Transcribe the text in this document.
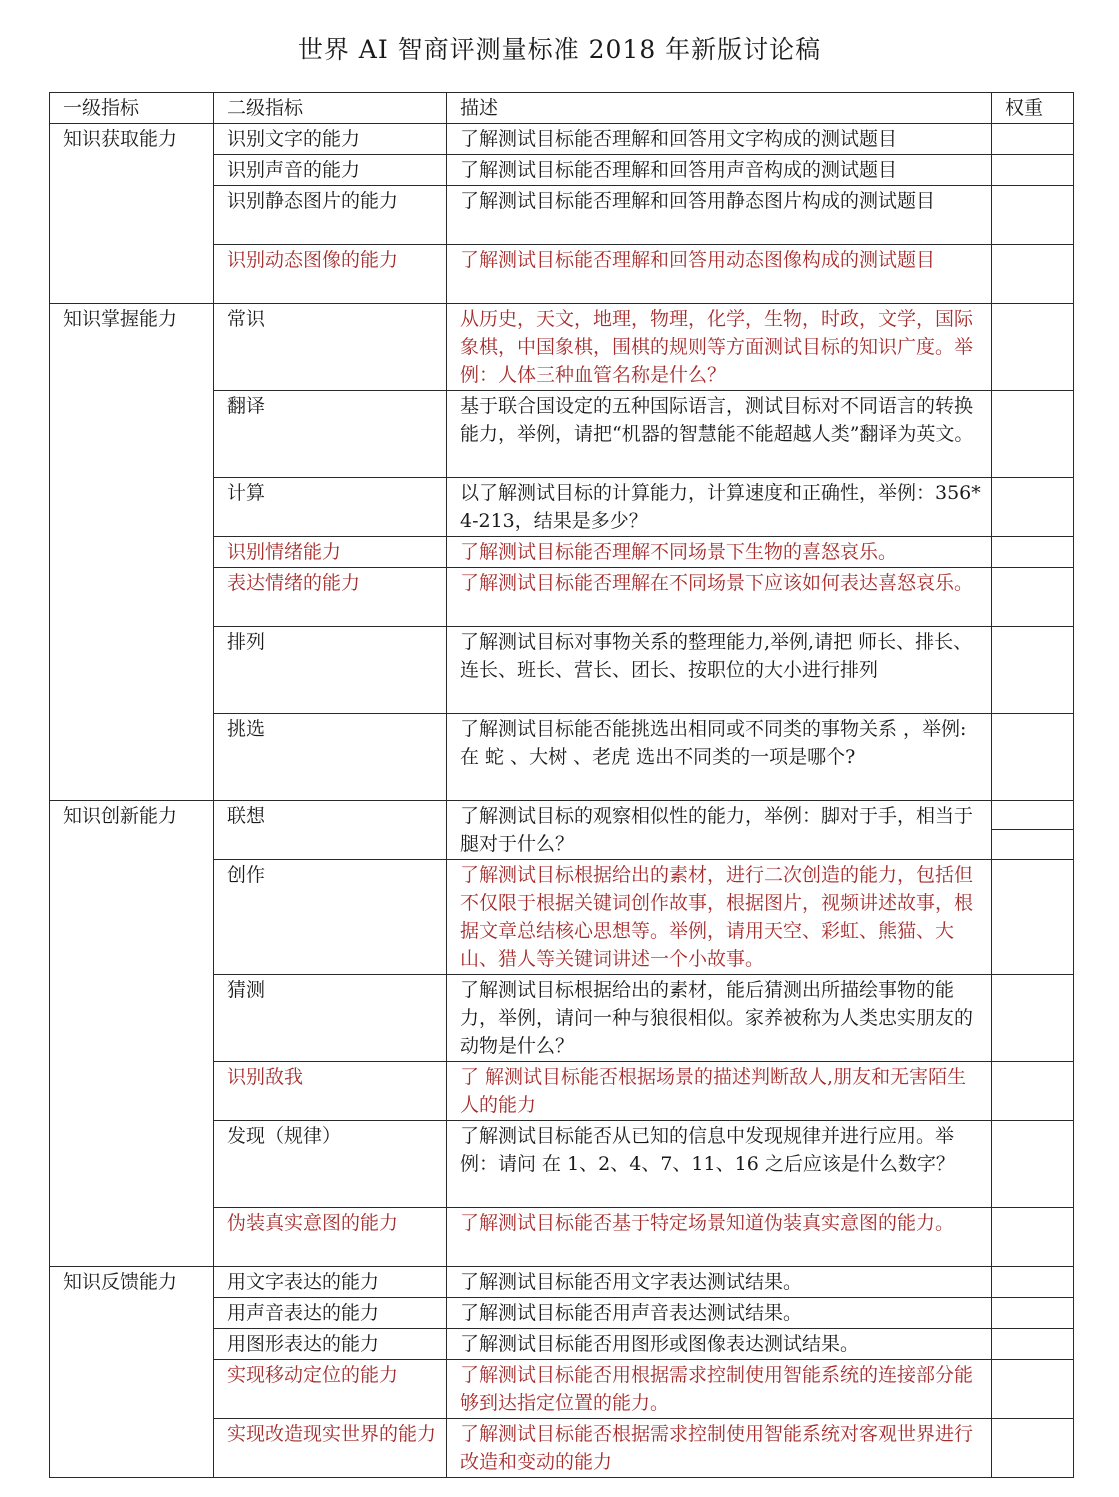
世界 AI 智商评测量标准 2018 年新版讨论稿
一级指标	二级指标	描述	权重
知识获取能力	识别文字的能力	了解测试目标能否理解和回答用文字构成的测试题目	
	识别声音的能力	了解测试目标能否理解和回答用声音构成的测试题目	
	识别静态图片的能力	了解测试目标能否理解和回答用静态图片构成的测试题目	
	识别动态图像的能力	了解测试目标能否理解和回答用动态图像构成的测试题目	
知识掌握能力	常识	从历史，天文，地理，物理，化学，生物，时政，文学，国际象棋，中国象棋，围棋的规则等方面测试目标的知识广度。举例：人体三种血管名称是什么？	
	翻译	基于联合国设定的五种国际语言，测试目标对不同语言的转换能力，举例，请把“机器的智慧能不能超越人类”翻译为英文。	
	计算	以了解测试目标的计算能力，计算速度和正确性，举例：356*4-213，结果是多少？	
	识别情绪能力	了解测试目标能否理解不同场景下生物的喜怒哀乐。	
	表达情绪的能力	了解测试目标能否理解在不同场景下应该如何表达喜怒哀乐。	
	排列	了解测试目标对事物关系的整理能力,举例,请把 师长、排长、连长、班长、营长、团长、按职位的大小进行排列	
	挑选	了解测试目标能否能挑选出相同或不同类的事物关系 ，举例: 在 蛇 、大树 、老虎 选出不同类的一项是哪个?	
知识创新能力	联想	了解测试目标的观察相似性的能力，举例：脚对于手，相当于腿对于什么？	

	创作	了解测试目标根据给出的素材，进行二次创造的能力，包括但不仅限于根据关键词创作故事，根据图片，视频讲述故事，根据文章总结核心思想等。举例，请用天空、彩虹、熊猫、大山、猎人等关键词讲述一个小故事。	
	猜测	了解测试目标根据给出的素材，能后猜测出所描绘事物的能力，举例，请问一种与狼很相似。家养被称为人类忠实朋友的动物是什么？	
	识别敌我	了 解测试目标能否根据场景的描述判断敌人,朋友和无害陌生人的能力	
	发现（规律）	了解测试目标能否从已知的信息中发现规律并进行应用。举例：请问 在 1、2、4、7、11、16 之后应该是什么数字？	
	伪装真实意图的能力	了解测试目标能否基于特定场景知道伪装真实意图的能力。	
知识反馈能力	用文字表达的能力	了解测试目标能否用文字表达测试结果。	
	用声音表达的能力	了解测试目标能否用声音表达测试结果。	
	用图形表达的能力	了解测试目标能否用图形或图像表达测试结果。	
	实现移动定位的能力	了解测试目标能否用根据需求控制使用智能系统的连接部分能够到达指定位置的能力。	
	实现改造现实世界的能力	了解测试目标能否根据需求控制使用智能系统对客观世界进行改造和变动的能力	
